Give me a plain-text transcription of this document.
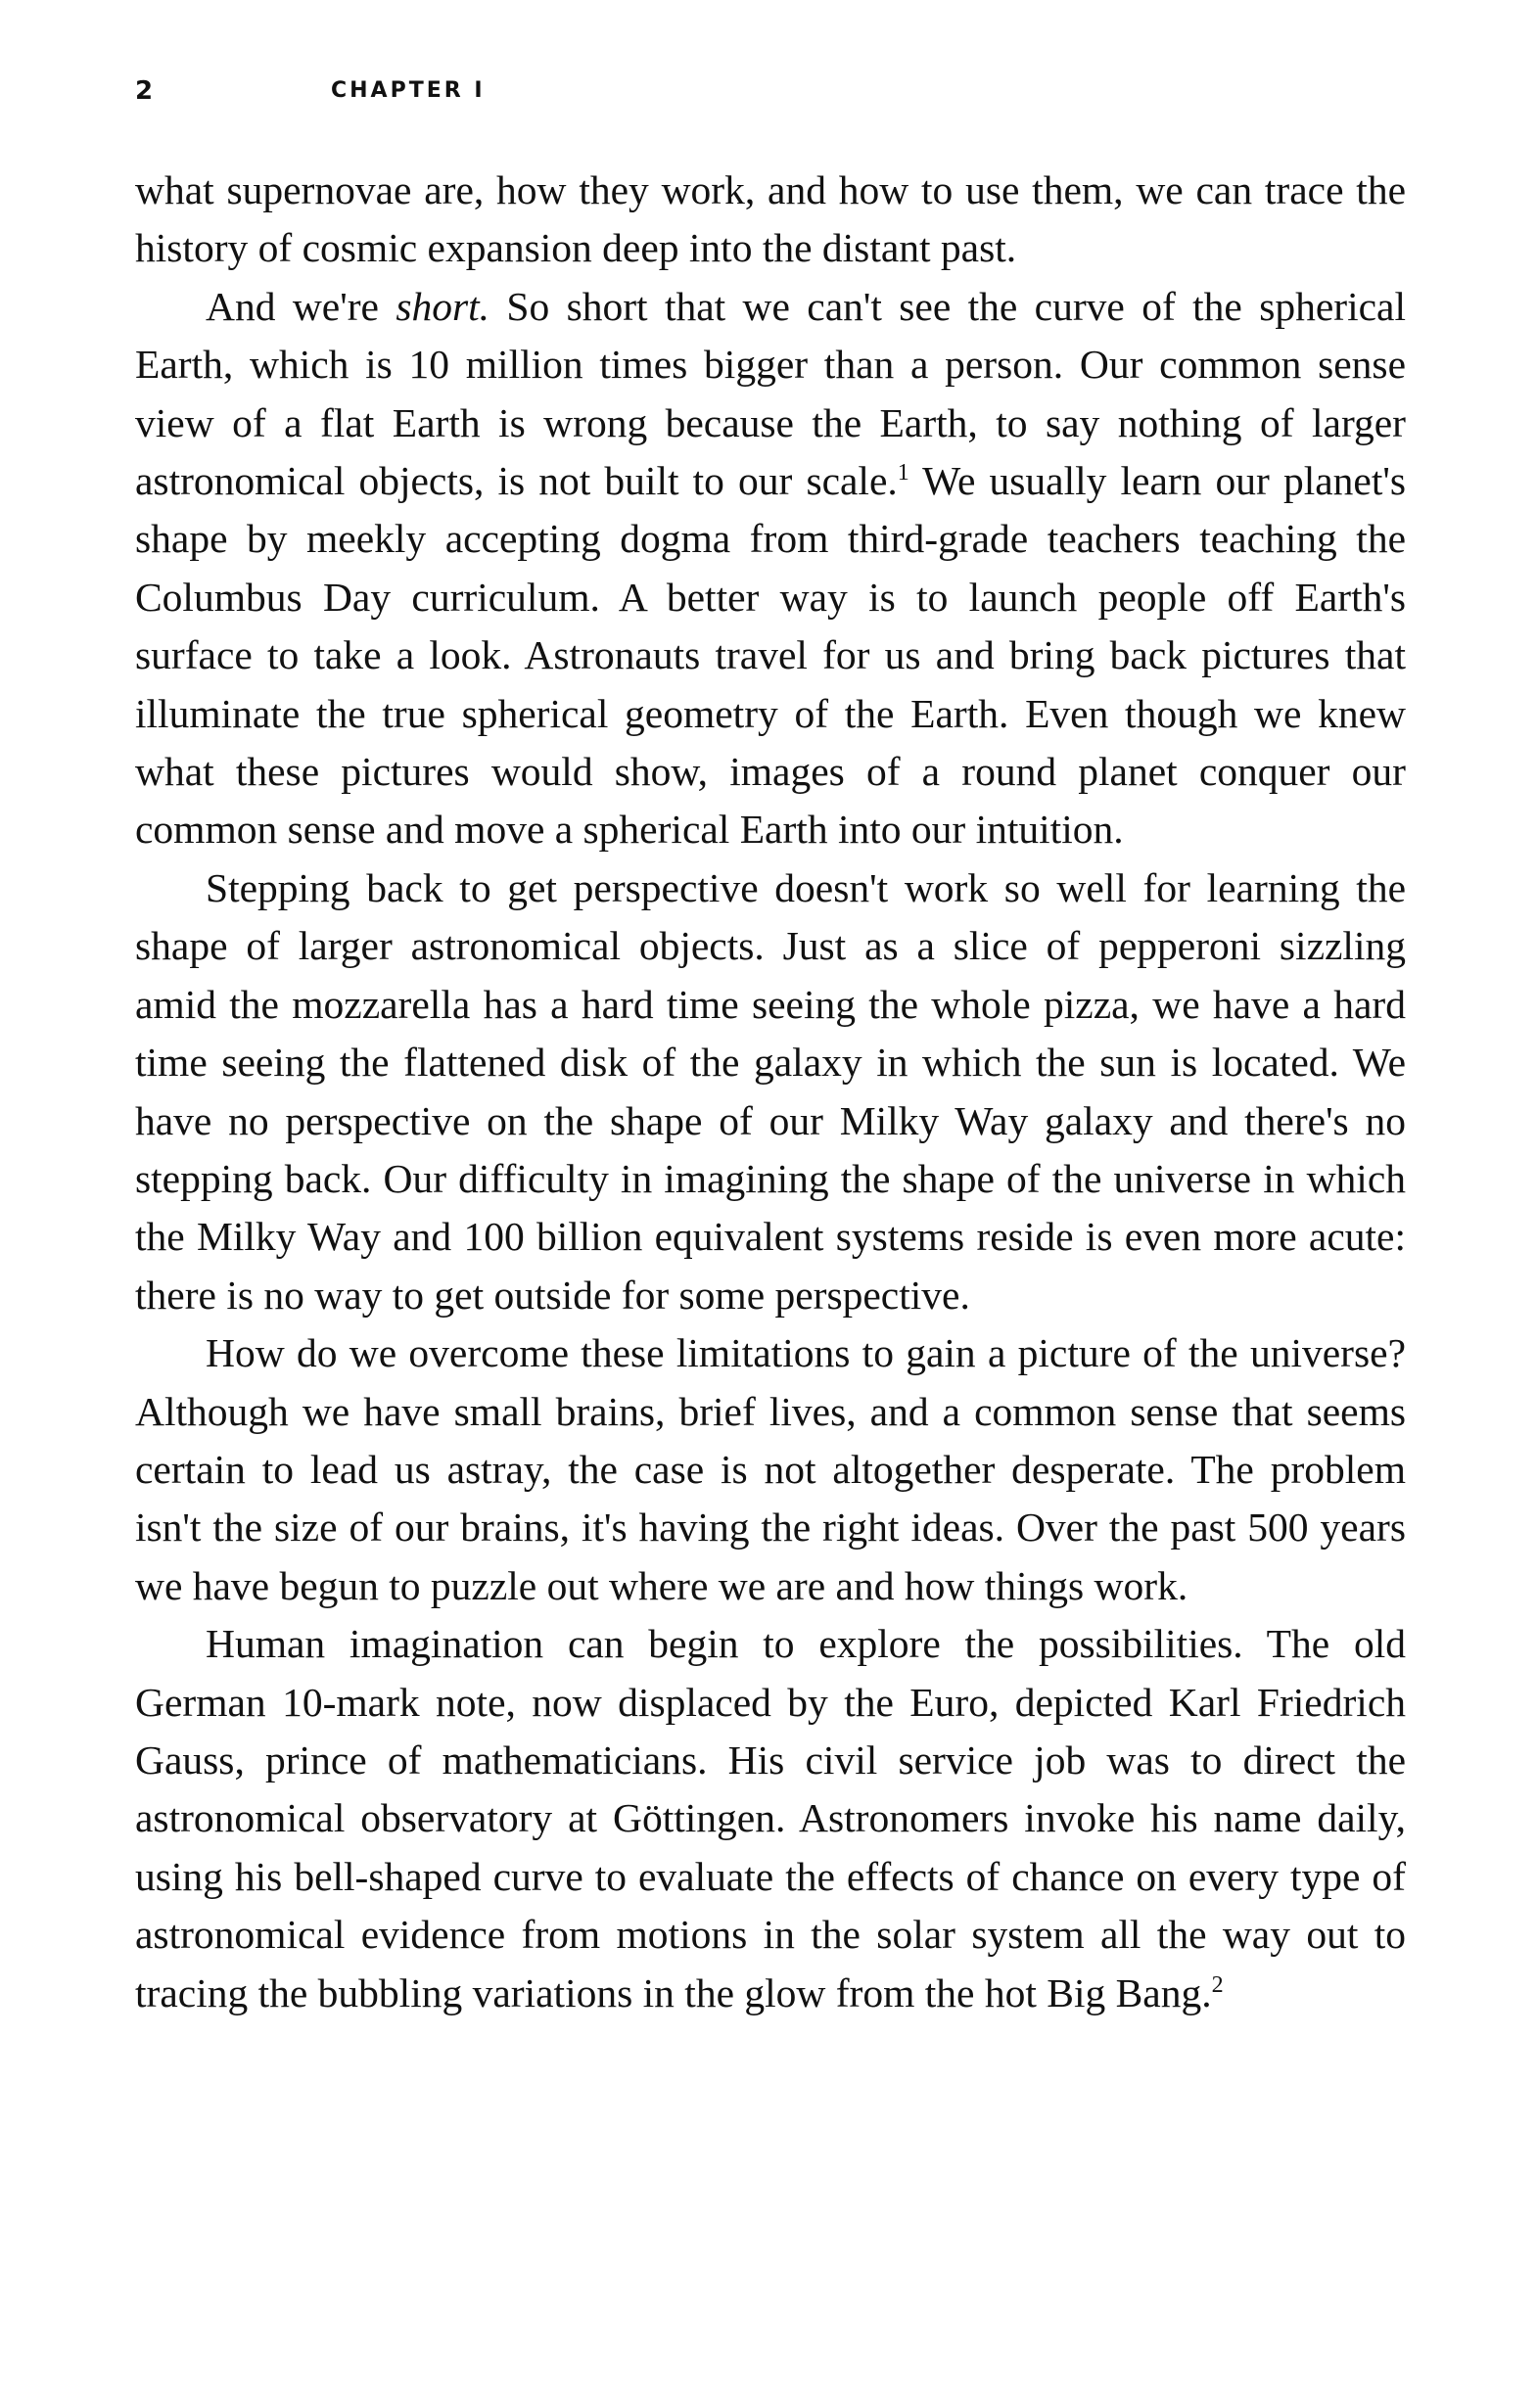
2	CHAPTER I

what supernovae are, how they work, and how to use them, we can trace the history of cosmic expansion deep into the distant past.

And we're short. So short that we can't see the curve of the spherical Earth, which is 10 million times bigger than a person. Our common sense view of a flat Earth is wrong because the Earth, to say nothing of larger astronomical objects, is not built to our scale.$^1$ We usually learn our planet's shape by meekly accepting dogma from third-grade teachers teaching the Columbus Day curriculum. A better way is to launch people off Earth's surface to take a look. Astronauts travel for us and bring back pictures that illuminate the true spherical geometry of the Earth. Even though we knew what these pictures would show, images of a round planet conquer our common sense and move a spherical Earth into our intuition.

Stepping back to get perspective doesn't work so well for learning the shape of larger astronomical objects. Just as a slice of pepperoni sizzling amid the mozzarella has a hard time seeing the whole pizza, we have a hard time seeing the flattened disk of the galaxy in which the sun is located. We have no perspective on the shape of our Milky Way galaxy and there's no stepping back. Our difficulty in imagining the shape of the universe in which the Milky Way and 100 billion equivalent systems reside is even more acute: there is no way to get outside for some perspective.

How do we overcome these limitations to gain a picture of the universe? Although we have small brains, brief lives, and a common sense that seems certain to lead us astray, the case is not altogether desperate. The problem isn't the size of our brains, it's having the right ideas. Over the past 500 years we have begun to puzzle out where we are and how things work.

Human imagination can begin to explore the possibilities. The old German 10-mark note, now displaced by the Euro, depicted Karl Friedrich Gauss, prince of mathematicians. His civil service job was to direct the astronomical observatory at Göttingen. Astronomers invoke his name daily, using his bell-shaped curve to evaluate the effects of chance on every type of astronomical evidence from motions in the solar system all the way out to tracing the bubbling variations in the glow from the hot Big Bang.$^2$
